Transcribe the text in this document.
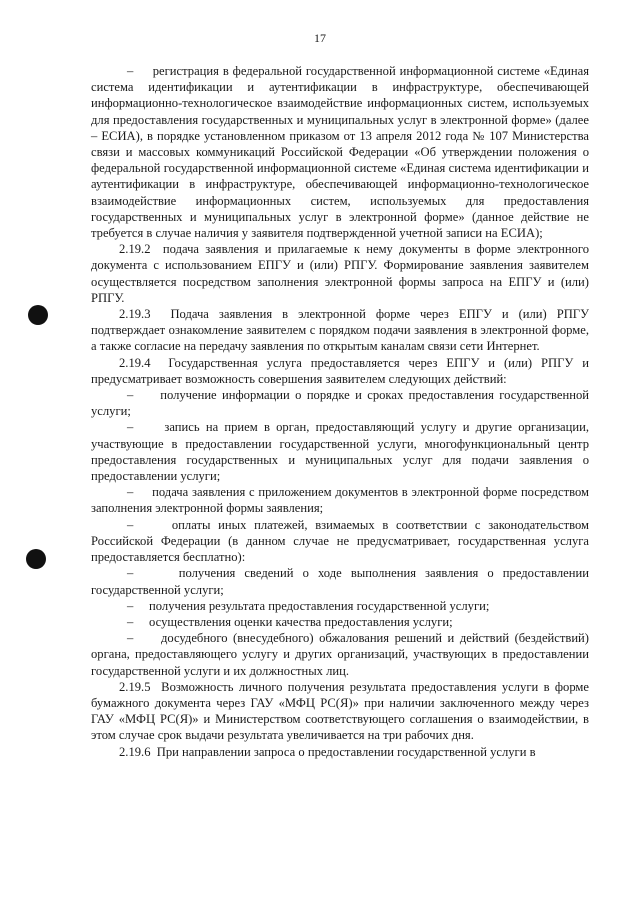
17

–     регистрация в федеральной государственной информационной системе «Единая система идентификации и аутентификации в инфраструктуре, обеспечивающей информационно-технологическое взаимодействие информационных систем, используемых для предоставления государственных и муниципальных услуг в электронной форме» (далее – ЕСИА), в порядке установленном приказом от 13 апреля 2012 года № 107 Министерства связи и массовых коммуникаций Российской Федерации «Об утверждении положения о федеральной государственной информационной системе «Единая система идентификации и аутентификации в инфраструктуре, обеспечивающей информационно-технологическое взаимодействие информационных систем, используемых для предоставления государственных и муниципальных услуг в электронной форме» (данное действие не требуется в случае наличия у заявителя подтвержденной учетной записи на ЕСИА);

2.19.2  подача заявления и прилагаемые к нему документы в форме электронного документа с использованием ЕПГУ и (или) РПГУ. Формирование заявления заявителем осуществляется посредством заполнения электронной формы запроса на ЕПГУ и (или) РПГУ.

2.19.3  Подача заявления в электронной форме через ЕПГУ и (или) РПГУ подтверждает ознакомление заявителем с порядком подачи заявления в электронной форме, а также согласие на передачу заявления по открытым каналам связи сети Интернет.

2.19.4  Государственная услуга предоставляется через ЕПГУ и (или) РПГУ и предусматривает возможность совершения заявителем следующих действий:

–     получение информации о порядке и сроках предоставления государственной услуги;

–     запись на прием в орган, предоставляющий услугу и другие организации, участвующие в предоставлении государственной услуги, многофункциональный центр предоставления государственных и муниципальных услуг для подачи заявления о предоставлении услуги;

–     подача заявления с приложением документов в электронной форме посредством заполнения электронной формы заявления;

–     оплаты иных платежей, взимаемых в соответствии с законодательством Российской Федерации (в данном случае не предусматривает, государственная услуга предоставляется бесплатно):

–     получения сведений о ходе выполнения заявления о предоставлении государственной услуги;

–     получения результата предоставления государственной услуги;

–     осуществления оценки качества предоставления услуги;

–     досудебного (внесудебного) обжалования решений и действий (бездействий) органа, предоставляющего услугу и других организаций, участвующих в предоставлении государственной услуги и их должностных лиц.

2.19.5  Возможность личного получения результата предоставления услуги в форме бумажного документа через ГАУ «МФЦ РС(Я)» при наличии заключенного между через ГАУ «МФЦ РС(Я)» и Министерством соответствующего соглашения о взаимодействии, в этом случае срок выдачи результата увеличивается на три рабочих дня.

2.19.6  При направлении запроса о предоставлении государственной услуги в
